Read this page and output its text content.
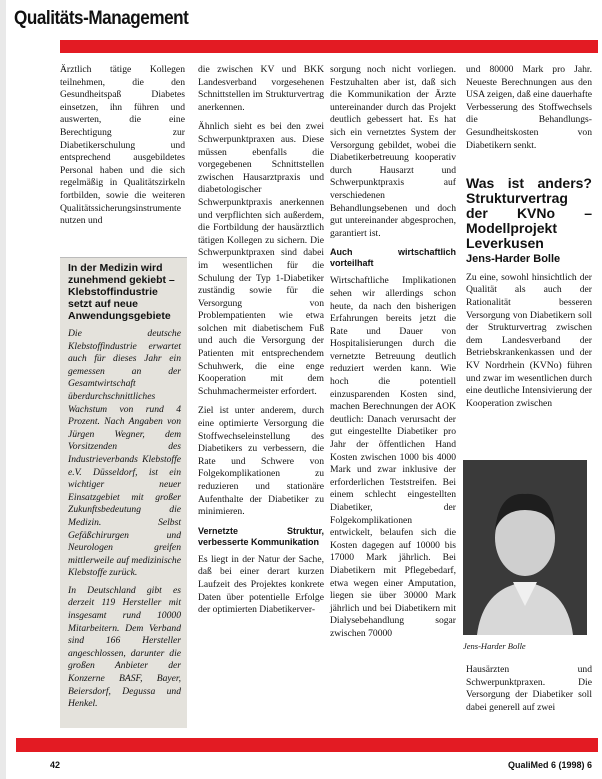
Qualitäts-Management

Ärztlich tätige Kollegen teilnehmen, die den Gesundheitspaß Diabetes einsetzen, ihn führen und auswerten, die eine Berechtigung zur Diabetikerschulung und entsprechend ausgebildetes Personal haben und die sich regelmäßig in Qualitätszirkeln fortbilden, sowie die weiteren Qualitätssicherungsinstrumente nutzen und

In der Medizin wird zunehmend gekiebt – Klebstoffindustrie setzt auf neue Anwendungsgebiete

Die deutsche Klebstoffindustrie erwartet auch für dieses Jahr ein gemessen an der Gesamtwirtschaft überdurchschnittliches Wachstum von rund 4 Prozent. Nach Angaben von Jürgen Wegner, dem Vorsitzenden des Industrieverbands Klebstoffe e.V. Düsseldorf, ist ein wichtiger neuer Einsatzgebiet mit großer Zukunftsbedeutung die Medizin. Selbst Gefäßchirurgen und Neurologen greifen mittlerweile auf medizinische Klebstoffe zurück.

In Deutschland gibt es derzeit 119 Hersteller mit insgesamt rund 10000 Mitarbeitern. Dem Verband sind 166 Hersteller angeschlossen, darunter die großen Anbieter der Konzerne BASF, Bayer, Beiersdorf, Degussa und Henkel.

die zwischen KV und BKK Landesverband vorgesehenen Schnittstellen im Strukturvertrag anerkennen.

Ähnlich sieht es bei den zwei Schwerpunktpraxen aus. Diese müssen ebenfalls die vorgegebenen Schnittstellen zwischen Hausarztpraxis und diabetologischer Schwerpunktpraxis anerkennen und verpflichten sich außerdem, die Fortbildung der hausärztlich tätigen Kollegen zu sichern. Die Schwerpunktpraxen sind dabei im wesentlichen für die Schulung der Typ 1-Diabetiker zuständig sowie für die Versorgung von Problempatienten wie etwa solchen mit diabetischem Fuß und auch die Versorgung der Patienten mit entsprechendem Schuhwerk, die eine enge Kooperation mit dem Schuhmachermeister erfordert.

Ziel ist unter anderem, durch eine optimierte Versorgung die Stoffwechseleinstellung des Diabetikers zu verbessern, die Rate und Schwere von Folgekomplikationen zu reduzieren und stationäre Aufenthalte der Diabetiker zu minimieren.

Vernetzte Struktur, verbesserte Kommunikation

Es liegt in der Natur der Sache, daß bei einer derart kurzen Laufzeit des Projektes konkrete Daten über potentielle Erfolge der optimierten Diabetikerver-

sorgung noch nicht vorliegen. Festzuhalten aber ist, daß sich die Kommunikation der Ärzte untereinander durch das Projekt deutlich gebessert hat. Es hat sich ein vernetztes System der Versorgung gebildet, wobei die Diabetikerbetreuung kooperativ durch Hausarzt und Schwerpunktpraxis auf verschiedenen Behandlungsebenen und doch gut untereinander abgesprochen, garantiert ist.

Auch wirtschaftlich vorteilhaft

Wirtschaftliche Implikationen sehen wir allerdings schon heute, da nach den bisherigen Erfahrungen bereits jetzt die Rate und Dauer von Hospitalisierungen durch die vernetzte Betreuung deutlich reduziert werden kann. Wie hoch die potentiell einzusparenden Kosten sind, machen Berechnungen der AOK deutlich: Danach verursacht der gut eingestellte Diabetiker pro Jahr der öffentlichen Hand Kosten zwischen 1000 bis 4000 Mark und zwar inklusive der erforderlichen Teststreifen. Bei einem schlecht eingestellten Diabetiker, der Folgekomplikationen entwickelt, belaufen sich die Kosten dagegen auf 10000 bis 17000 Mark jährlich. Bei Diabetikern mit Pflegebedarf, etwa wegen einer Amputation, liegen sie über 30000 Mark jährlich und bei Diabetikern mit Dialysebehandlung sogar zwischen 70000

und 80000 Mark pro Jahr. Neueste Berechnungen aus den USA zeigen, daß eine dauerhafte Verbesserung des Stoffwechsels die Behandlungs- Gesundheitskosten von Diabetikern senkt.

Was ist anders? Strukturvertrag der KVNo – Modellprojekt Leverkusen
Jens-Harder Bolle

Zu eine, sowohl hinsichtlich der Qualität als auch der Rationalität besseren Versorgung von Diabetikern soll der Strukturvertrag zwischen dem Landesverband der Betriebskrankenkassen und der KV Nordrhein (KVNo) führen und zwar im wesentlichen durch eine deutliche Intensivierung der Kooperation zwischen

Jens-Harder Bolle
Hausärzten und Schwerpunktpraxen. Die Versorgung der Diabetiker soll dabei generell auf zwei
42	QualiMed 6 (1998) 6
